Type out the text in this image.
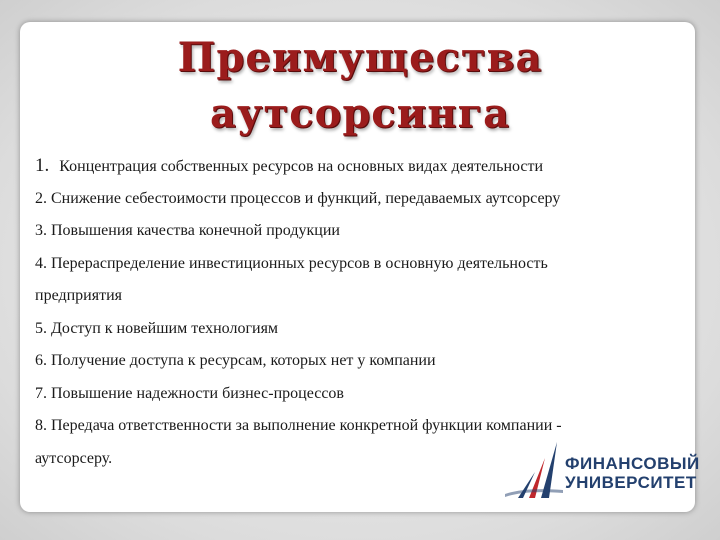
Преимущества
аутсорсинга
1. Концентрация собственных ресурсов на основных видах деятельности
2. Снижение себестоимости процессов и функций, передаваемых аутсорсеру
3. Повышения качества конечной продукции
4. Перераспределение инвестиционных ресурсов в основную деятельность
предприятия
5. Доступ к новейшим технологиям
6. Получение доступа к ресурсам, которых нет у компании
7. Повышение надежности бизнес-процессов
8. Передача ответственности за выполнение конкретной функции компании -
аутсорсеру.	ФИНАНСОВЫЙ
УНИВЕРСИТЕТ
